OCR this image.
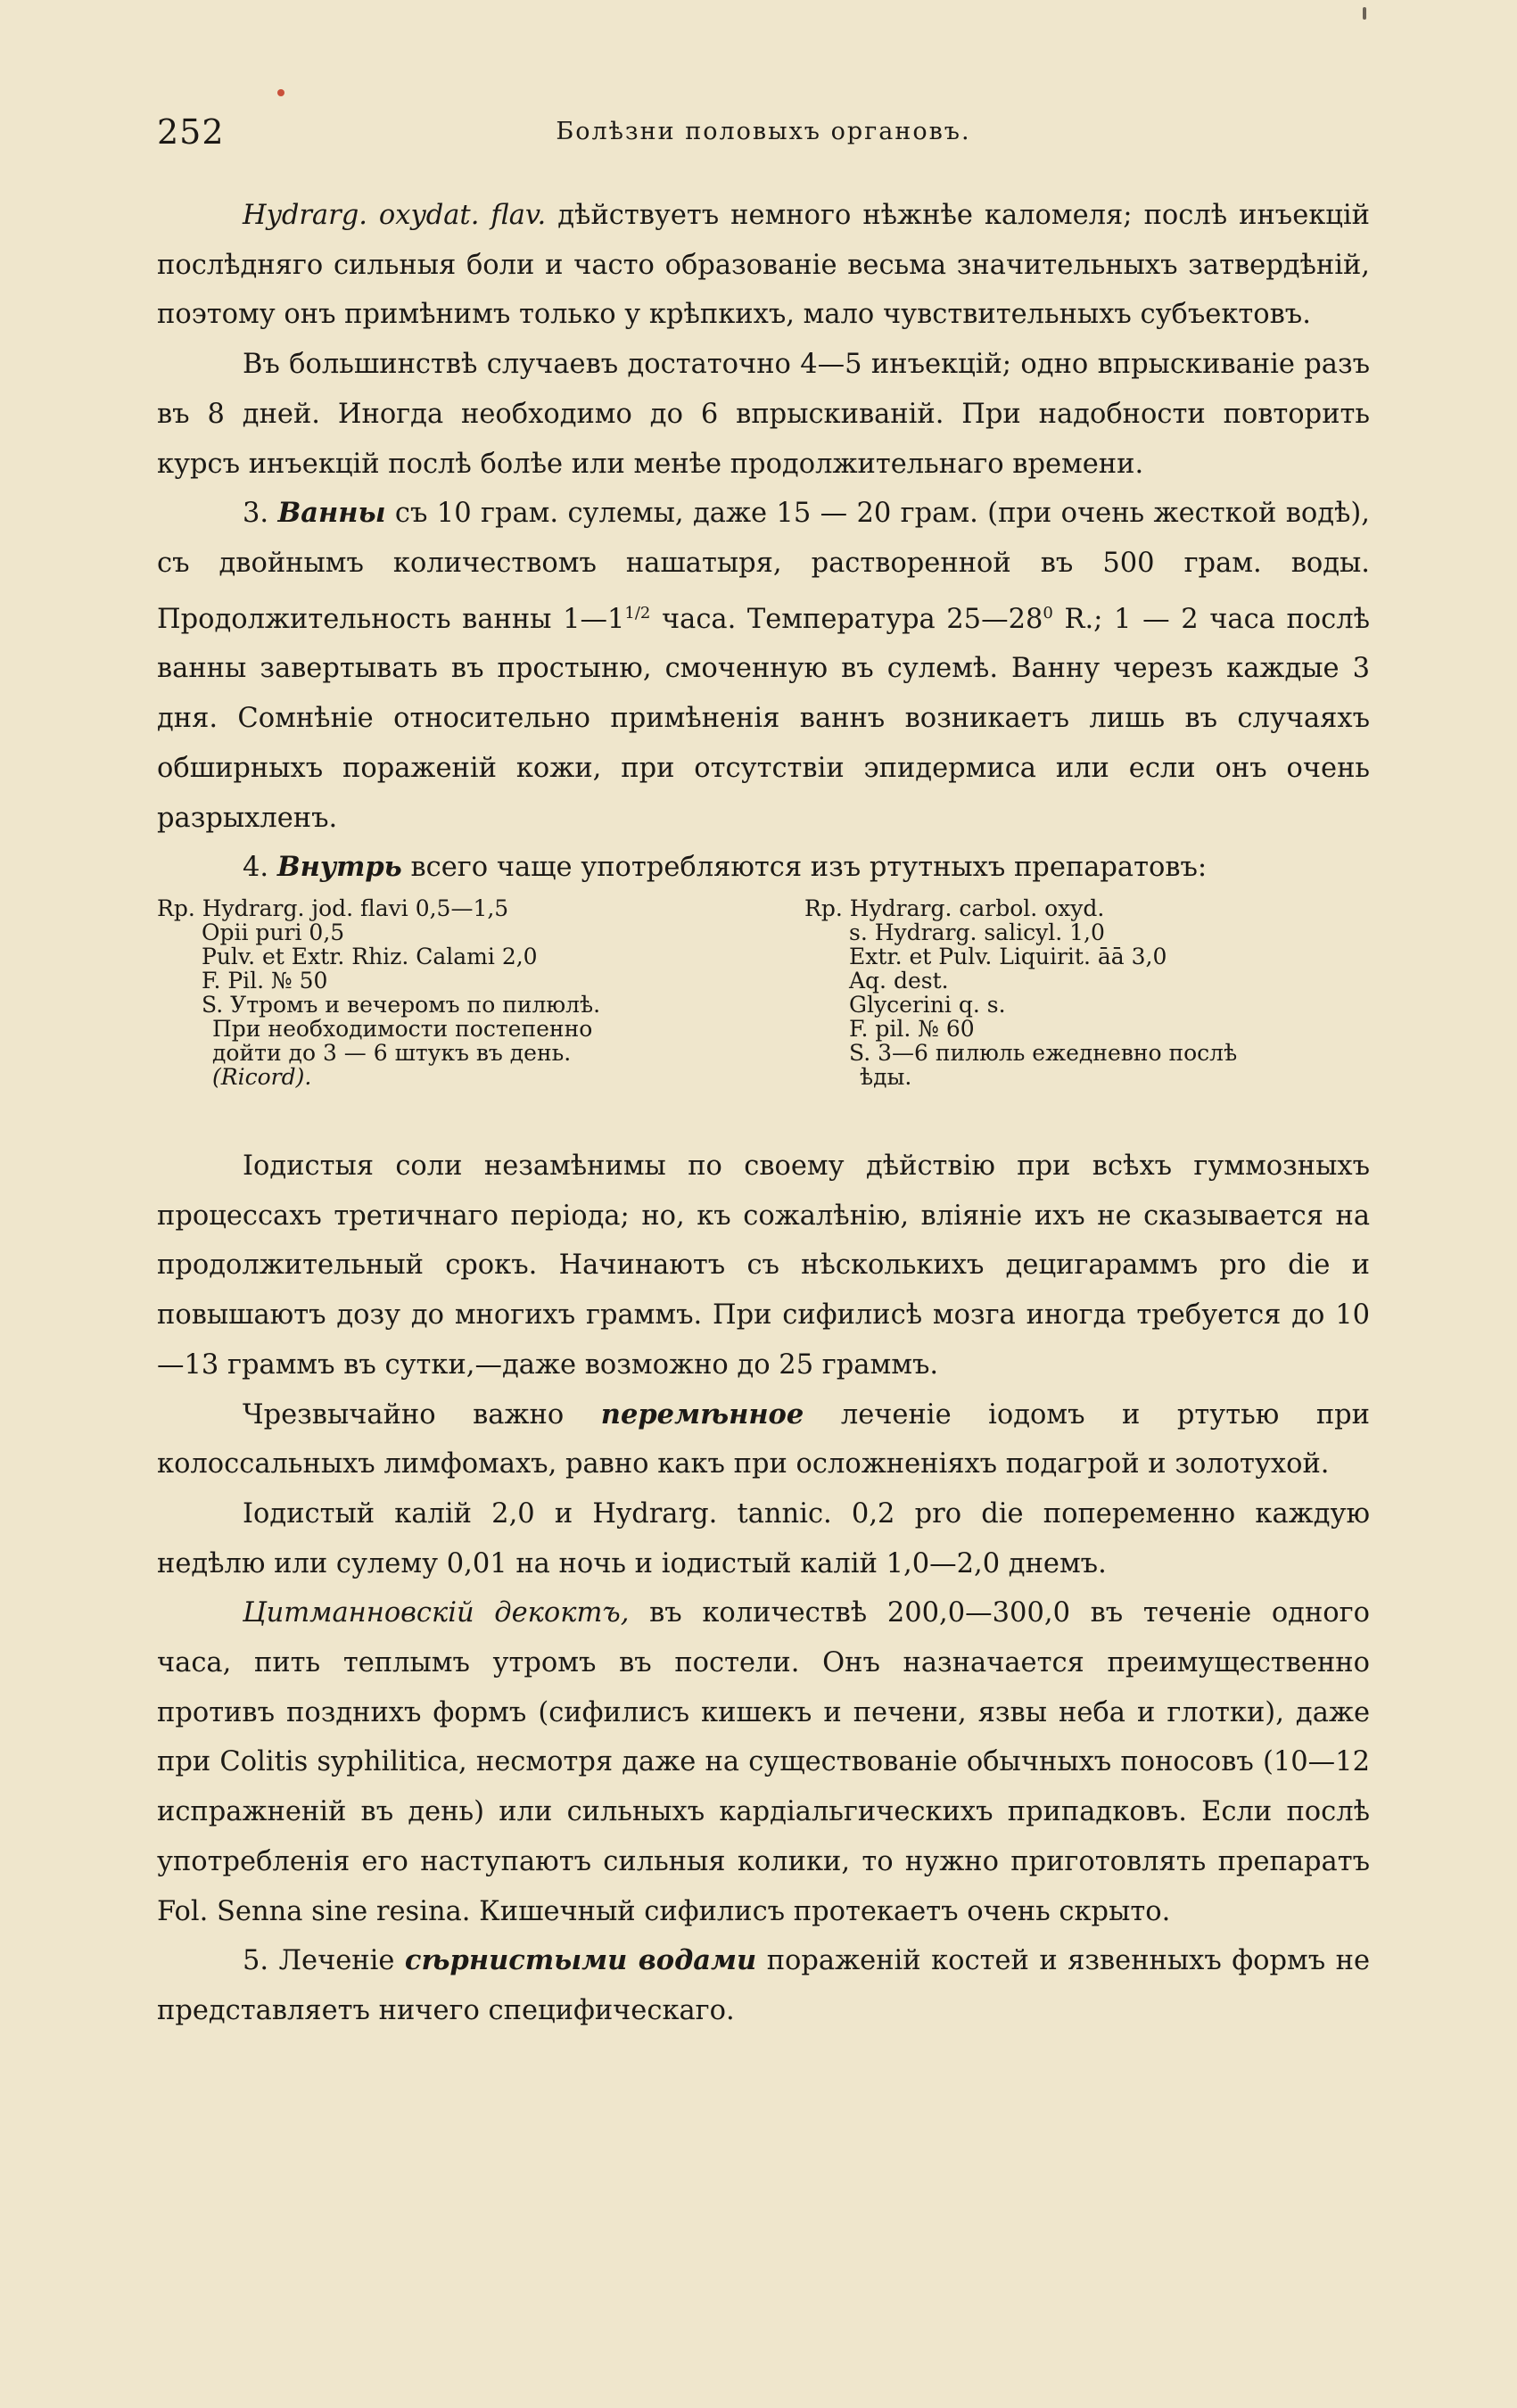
252	Болѣзни половыхъ органовъ.

Hydrarg. oxydat. flav. дѣйствуетъ немного нѣжнѣе каломеля; послѣ инъекцій послѣдняго сильныя боли и часто образованіе весьма значительныхъ затвердѣній, поэтому онъ примѣнимъ только у крѣпкихъ, мало чувствительныхъ субъектовъ.

Въ большинствѣ случаевъ достаточно 4—5 инъекцій; одно впрыскиваніе разъ въ 8 дней. Иногда необходимо до 6 впрыскиваній. При надобности повторить курсъ инъекцій послѣ болѣе или менѣе продолжительнаго времени.

3. Ванны съ 10 грам. сулемы, даже 15 — 20 грам. (при очень жесткой водѣ), съ двойнымъ количествомъ нашатыря, растворенной въ 500 грам. воды. Продолжительность ванны $1—1^{1/2}$ часа. Температура $25—28^0$ R.; 1 — 2 часа послѣ ванны завертывать въ простыню, смоченную въ сулемѣ. Ванну черезъ каждые 3 дня. Сомнѣніе относительно примѣненія ваннъ возникаетъ лишь въ случаяхъ обширныхъ пораженій кожи, при отсутствіи эпидермиса или если онъ очень разрыхленъ.

4. Внутрь всего чаще употребляются изъ ртутныхъ препаратовъ:

Rp. Hydrarg. jod. flavi 0,5—1,5
Opii puri 0,5
Pulv. et Extr. Rhiz. Calami 2,0
F. Pil. № 50
S. Утромъ и вечеромъ по пилюлѣ.
При необходимости постепенно
дойти до 3 — 6 штукъ въ день.
(Ricord).
Rp. Hydrarg. carbol. oxyd.
s. Hydrarg. salicyl. 1,0
Extr. et Pulv. Liquirit. āā 3,0
Aq. dest.
Glycerini q. s.
F. pil. № 60
S. 3—6 пилюль ежедневно послѣ
ѣды.

Іодистыя соли незамѣнимы по своему дѣйствію при всѣхъ гуммозныхъ процессахъ третичнаго періода; но, къ сожалѣнію, вліяніе ихъ не сказывается на продолжительный срокъ. Начинаютъ съ нѣсколькихъ децигараммъ pro die и повышаютъ дозу до многихъ граммъ. При сифилисѣ мозга иногда требуется до 10—13 граммъ въ сутки,—даже возможно до 25 граммъ.

Чрезвычайно важно перемѣнное леченіе іодомъ и ртутью при колоссальныхъ лимфомахъ, равно какъ при осложненіяхъ подагрой и золотухой.

Іодистый калій 2,0 и Hydrarg. tannic. 0,2 pro die попеременно каждую недѣлю или сулему 0,01 на ночь и іодистый калій 1,0—2,0 днемъ.

Цитманновскій декоктъ, въ количествѣ 200,0—300,0 въ теченіе одного часа, пить теплымъ утромъ въ постели. Онъ назначается преимущественно противъ позднихъ формъ (сифилисъ кишекъ и печени, язвы неба и глотки), даже при Colitis syphilitica, несмотря даже на существованіе обычныхъ поносовъ (10—12 испражненій въ день) или сильныхъ кардіальгическихъ припадковъ. Если послѣ употребленія его наступаютъ сильныя колики, то нужно приготовлять препаратъ Fol. Senna sine resina. Кишечный сифилисъ протекаетъ очень скрыто.

5. Леченіе сѣрнистыми водами пораженій костей и язвенныхъ формъ не представляетъ ничего специфическаго.
